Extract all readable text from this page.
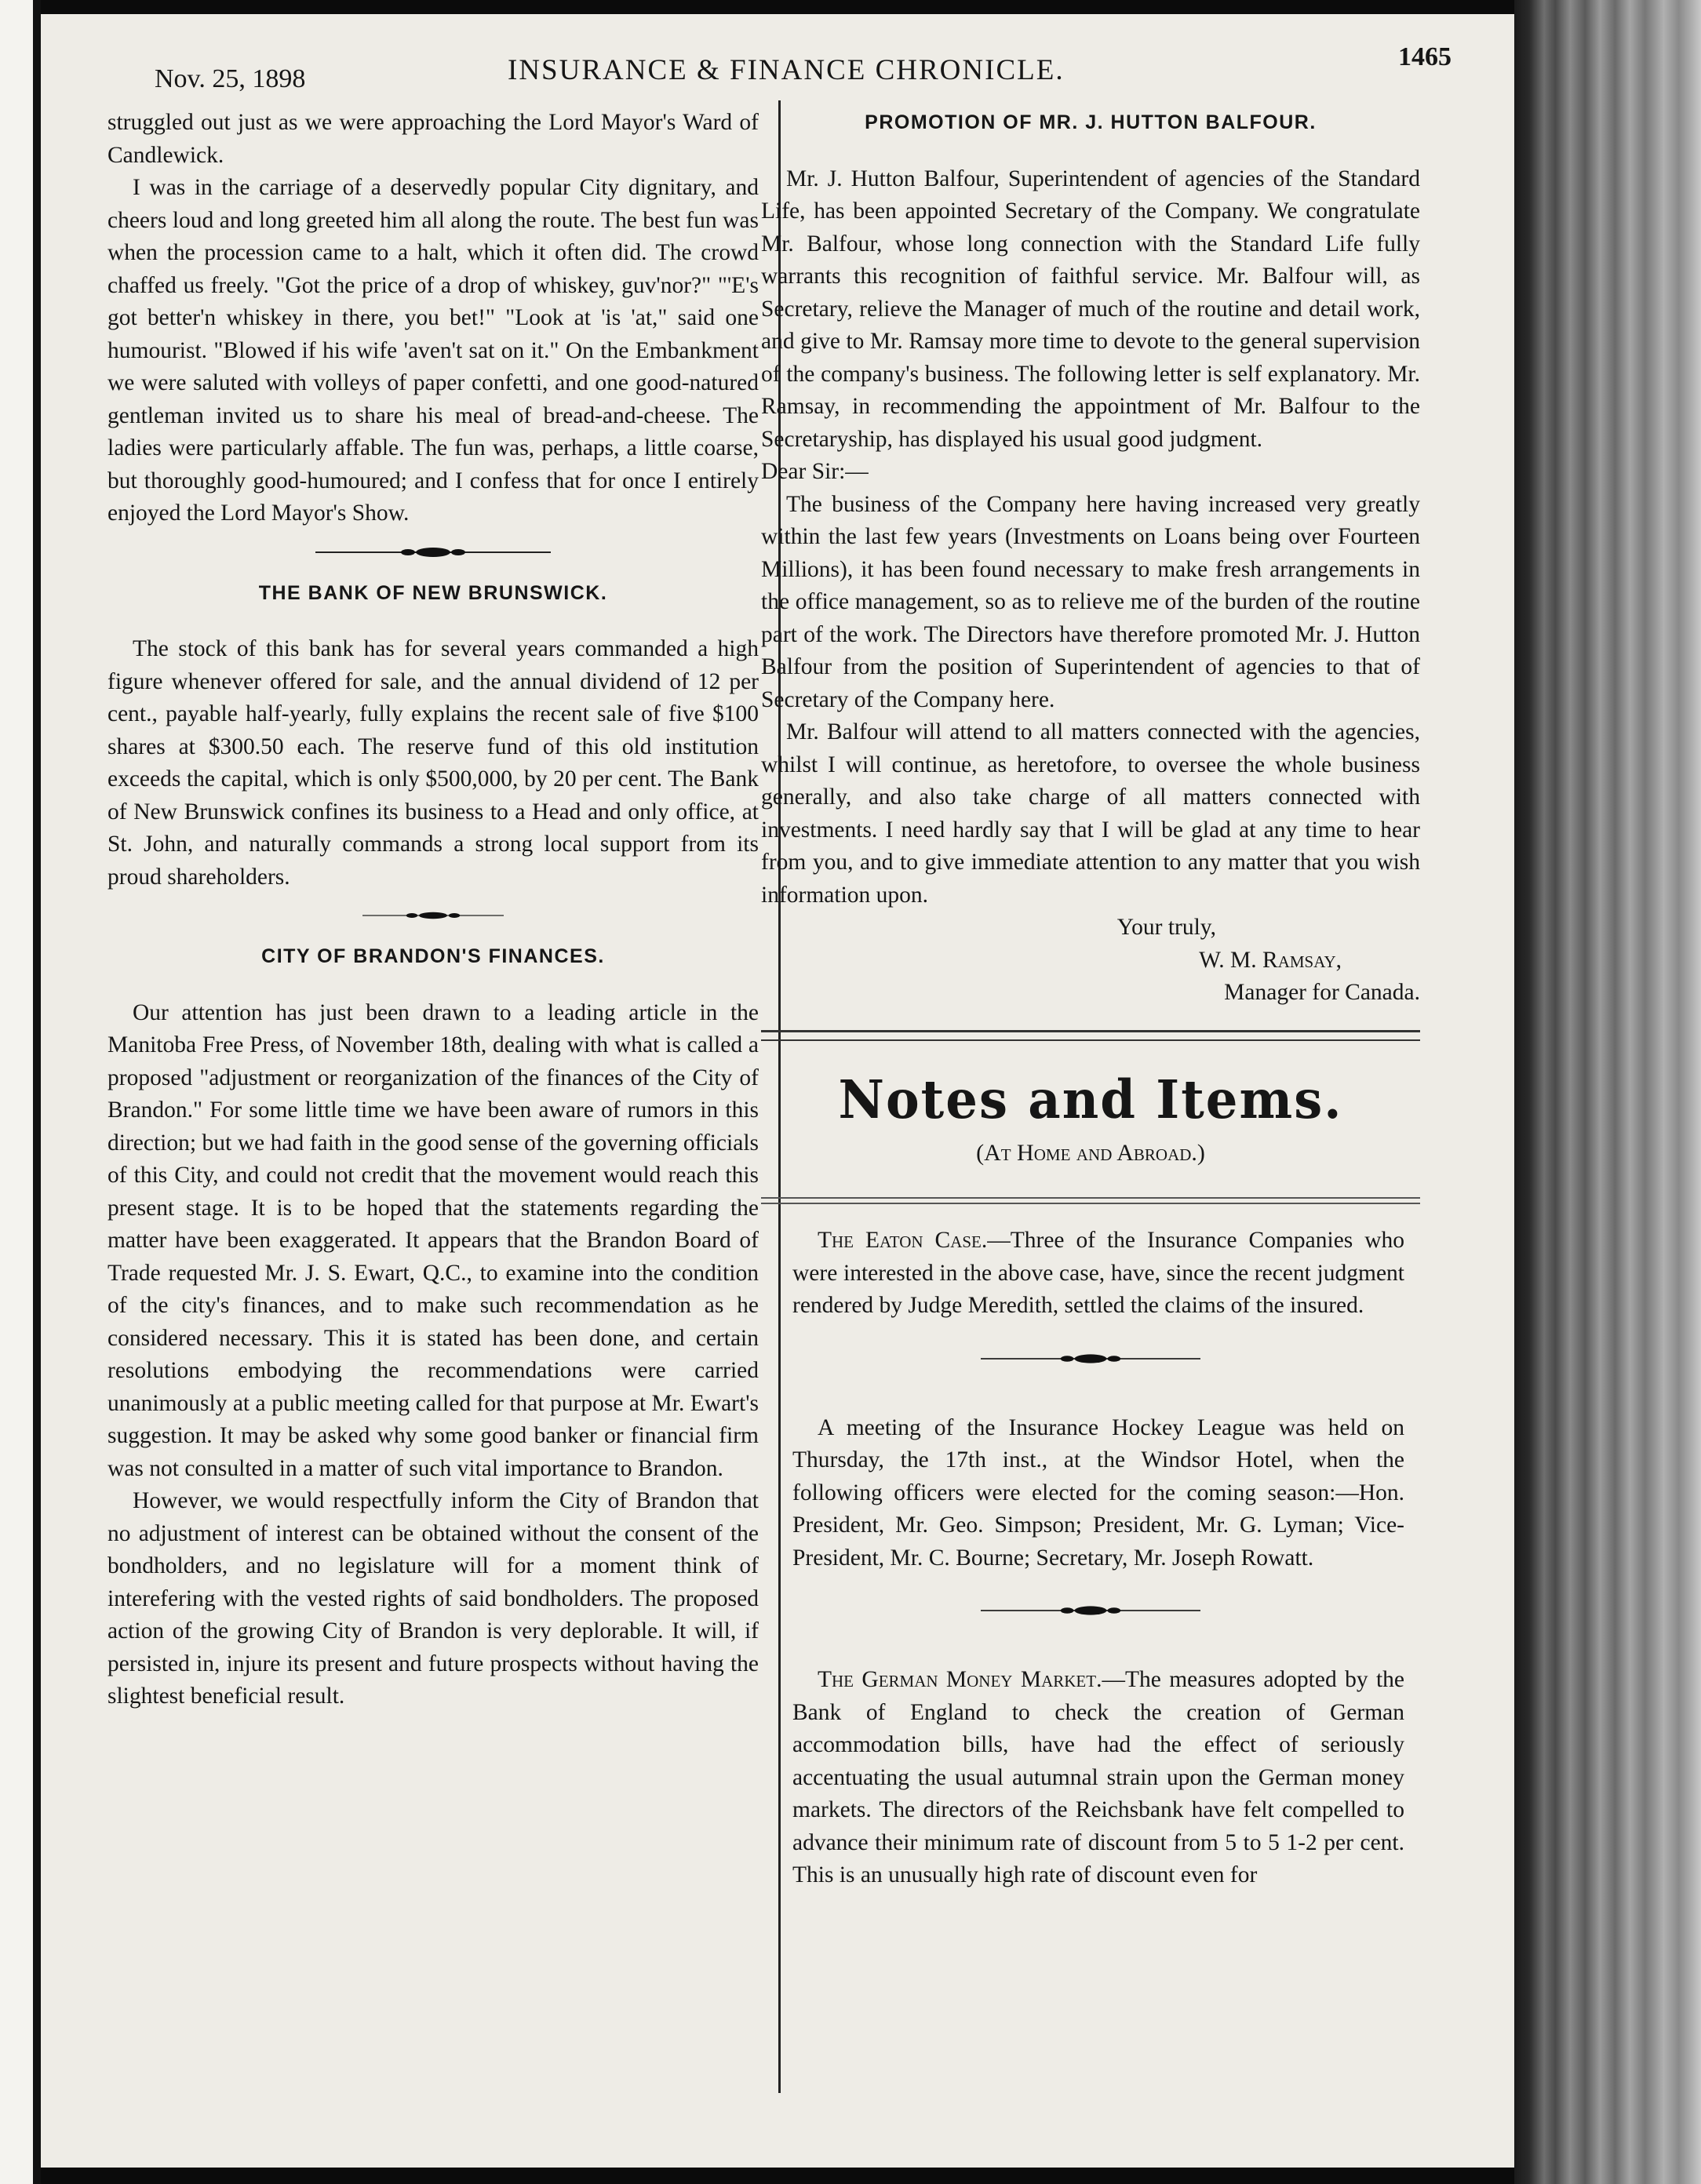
Nov. 25, 1898	INSURANCE & FINANCE CHRONICLE.	1465

struggled out just as we were approaching the Lord Mayor's Ward of Candlewick.

I was in the carriage of a deservedly popular City dignitary, and cheers loud and long greeted him all along the route. The best fun was when the procession came to a halt, which it often did. The crowd chaffed us freely. "Got the price of a drop of whiskey, guv'nor?" "'E's got better'n whiskey in there, you bet!" "Look at 'is 'at," said one humourist. "Blowed if his wife 'aven't sat on it." On the Embankment we were saluted with volleys of paper confetti, and one good-natured gentleman invited us to share his meal of bread-and-cheese. The ladies were particularly affable. The fun was, perhaps, a little coarse, but thoroughly good-humoured; and I confess that for once I entirely enjoyed the Lord Mayor's Show.

THE BANK OF NEW BRUNSWICK.

The stock of this bank has for several years commanded a high figure whenever offered for sale, and the annual dividend of 12 per cent., payable half-yearly, fully explains the recent sale of five $100 shares at $300.50 each. The reserve fund of this old institution exceeds the capital, which is only $500,000, by 20 per cent. The Bank of New Brunswick confines its business to a Head and only office, at St. John, and naturally commands a strong local support from its proud shareholders.

CITY OF BRANDON'S FINANCES.

Our attention has just been drawn to a leading article in the Manitoba Free Press, of November 18th, dealing with what is called a proposed "adjustment or reorganization of the finances of the City of Brandon." For some little time we have been aware of rumors in this direction; but we had faith in the good sense of the governing officials of this City, and could not credit that the movement would reach this present stage. It is to be hoped that the statements regarding the matter have been exaggerated. It appears that the Brandon Board of Trade requested Mr. J. S. Ewart, Q.C., to examine into the condition of the city's finances, and to make such recommendation as he considered necessary. This it is stated has been done, and certain resolutions embodying the recommendations were carried unanimously at a public meeting called for that purpose at Mr. Ewart's suggestion. It may be asked why some good banker or financial firm was not consulted in a matter of such vital importance to Brandon.

However, we would respectfully inform the City of Brandon that no adjustment of interest can be obtained without the consent of the bondholders, and no legislature will for a moment think of interefering with the vested rights of said bondholders. The proposed action of the growing City of Brandon is very deplorable. It will, if persisted in, injure its present and future prospects without having the slightest beneficial result.

PROMOTION OF MR. J. HUTTON BALFOUR.

Mr. J. Hutton Balfour, Superintendent of agencies of the Standard Life, has been appointed Secretary of the Company. We congratulate Mr. Balfour, whose long connection with the Standard Life fully warrants this recognition of faithful service. Mr. Balfour will, as Secretary, relieve the Manager of much of the routine and detail work, and give to Mr. Ramsay more time to devote to the general supervision of the company's business. The following letter is self explanatory. Mr. Ramsay, in recommending the appointment of Mr. Balfour to the Secretaryship, has displayed his usual good judgment.

Dear Sir:—

The business of the Company here having increased very greatly within the last few years (Investments on Loans being over Fourteen Millions), it has been found necessary to make fresh arrangements in the office management, so as to relieve me of the burden of the routine part of the work. The Directors have therefore promoted Mr. J. Hutton Balfour from the position of Superintendent of agencies to that of Secretary of the Company here.

Mr. Balfour will attend to all matters connected with the agencies, whilst I will continue, as heretofore, to oversee the whole business generally, and also take charge of all matters connected with investments. I need hardly say that I will be glad at any time to hear from you, and to give immediate attention to any matter that you wish information upon.

Your truly,

W. M. Ramsay,

Manager for Canada.

Notes and Items.
(At Home and Abroad.)

The Eaton Case.—Three of the Insurance Companies who were interested in the above case, have, since the recent judgment rendered by Judge Meredith, settled the claims of the insured.

A meeting of the Insurance Hockey League was held on Thursday, the 17th inst., at the Windsor Hotel, when the following officers were elected for the coming season:—Hon. President, Mr. Geo. Simpson; President, Mr. G. Lyman; Vice-President, Mr. C. Bourne; Secretary, Mr. Joseph Rowatt.

The German Money Market.—The measures adopted by the Bank of England to check the creation of German accommodation bills, have had the effect of seriously accentuating the usual autumnal strain upon the German money markets. The directors of the Reichsbank have felt compelled to advance their minimum rate of discount from 5 to 5 1-2 per cent. This is an unusually high rate of discount even for
